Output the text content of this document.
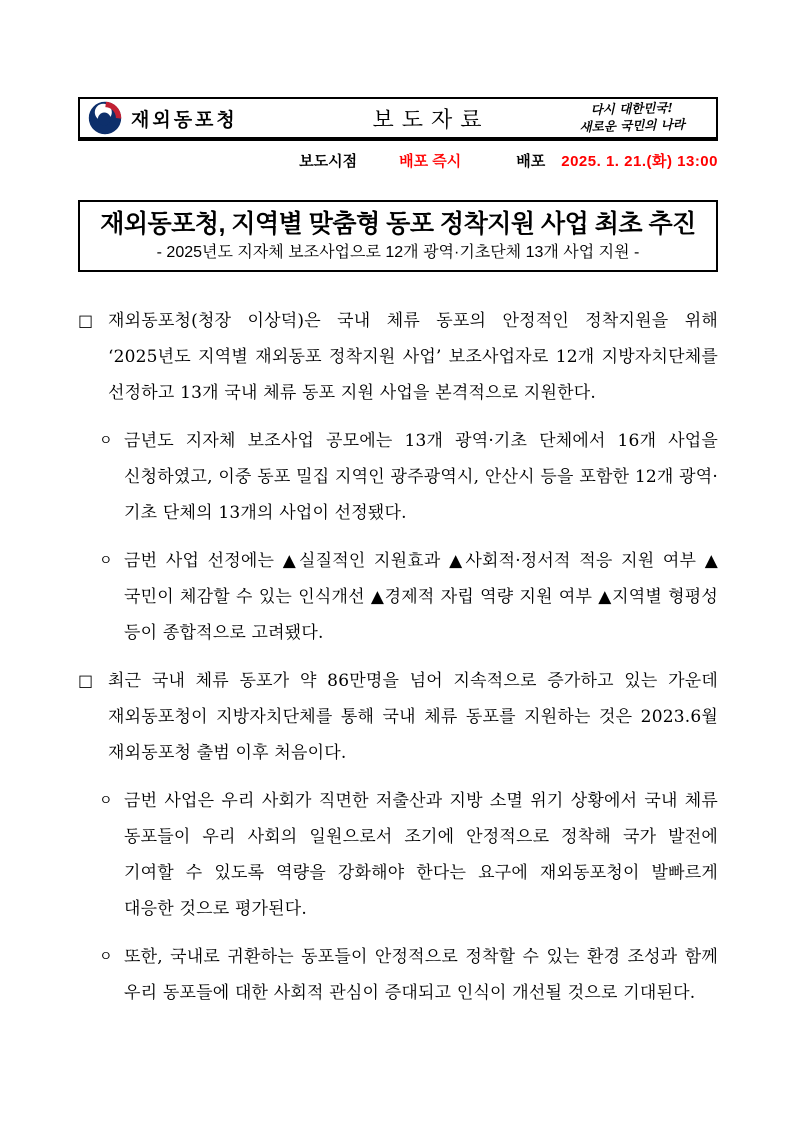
재외동포청	보도자료	다시 대한민국!
새로운 국민의 나라
보도시점	배포 즉시	배포 2025. 1. 21.(화) 13:00
재외동포청, 지역별 맞춤형 동포 정착지원 사업 최초 추진

- 2025년도 지자체 보조사업으로 12개 광역·기초단체 13개 사업 지원 -

□ 재외동포청(청장 이상덕)은 국내 체류 동포의 안정적인 정착지원을 위해 ‘2025년도 지역별 재외동포 정착지원 사업’ 보조사업자로 12개 지방자치단체를 선정하고 13개 국내 체류 동포 지원 사업을 본격적으로 지원한다.

ㅇ 금년도 지자체 보조사업 공모에는 13개 광역·기초 단체에서 16개 사업을 신청하였고, 이중 동포 밀집 지역인 광주광역시, 안산시 등을 포함한 12개 광역·기초 단체의 13개의 사업이 선정됐다.

ㅇ 금번 사업 선정에는 ▲실질적인 지원효과 ▲사회적·정서적 적응 지원 여부 ▲국민이 체감할 수 있는 인식개선 ▲경제적 자립 역량 지원 여부 ▲지역별 형평성 등이 종합적으로 고려됐다.

□ 최근 국내 체류 동포가 약 86만명을 넘어 지속적으로 증가하고 있는 가운데 재외동포청이 지방자치단체를 통해 국내 체류 동포를 지원하는 것은 2023.6월 재외동포청 출범 이후 처음이다.

ㅇ 금번 사업은 우리 사회가 직면한 저출산과 지방 소멸 위기 상황에서 국내 체류 동포들이 우리 사회의 일원으로서 조기에 안정적으로 정착해 국가 발전에 기여할 수 있도록 역량을 강화해야 한다는 요구에 재외동포청이 발빠르게 대응한 것으로 평가된다.

ㅇ 또한, 국내로 귀환하는 동포들이 안정적으로 정착할 수 있는 환경 조성과 함께 우리 동포들에 대한 사회적 관심이 증대되고 인식이 개선될 것으로 기대된다.
